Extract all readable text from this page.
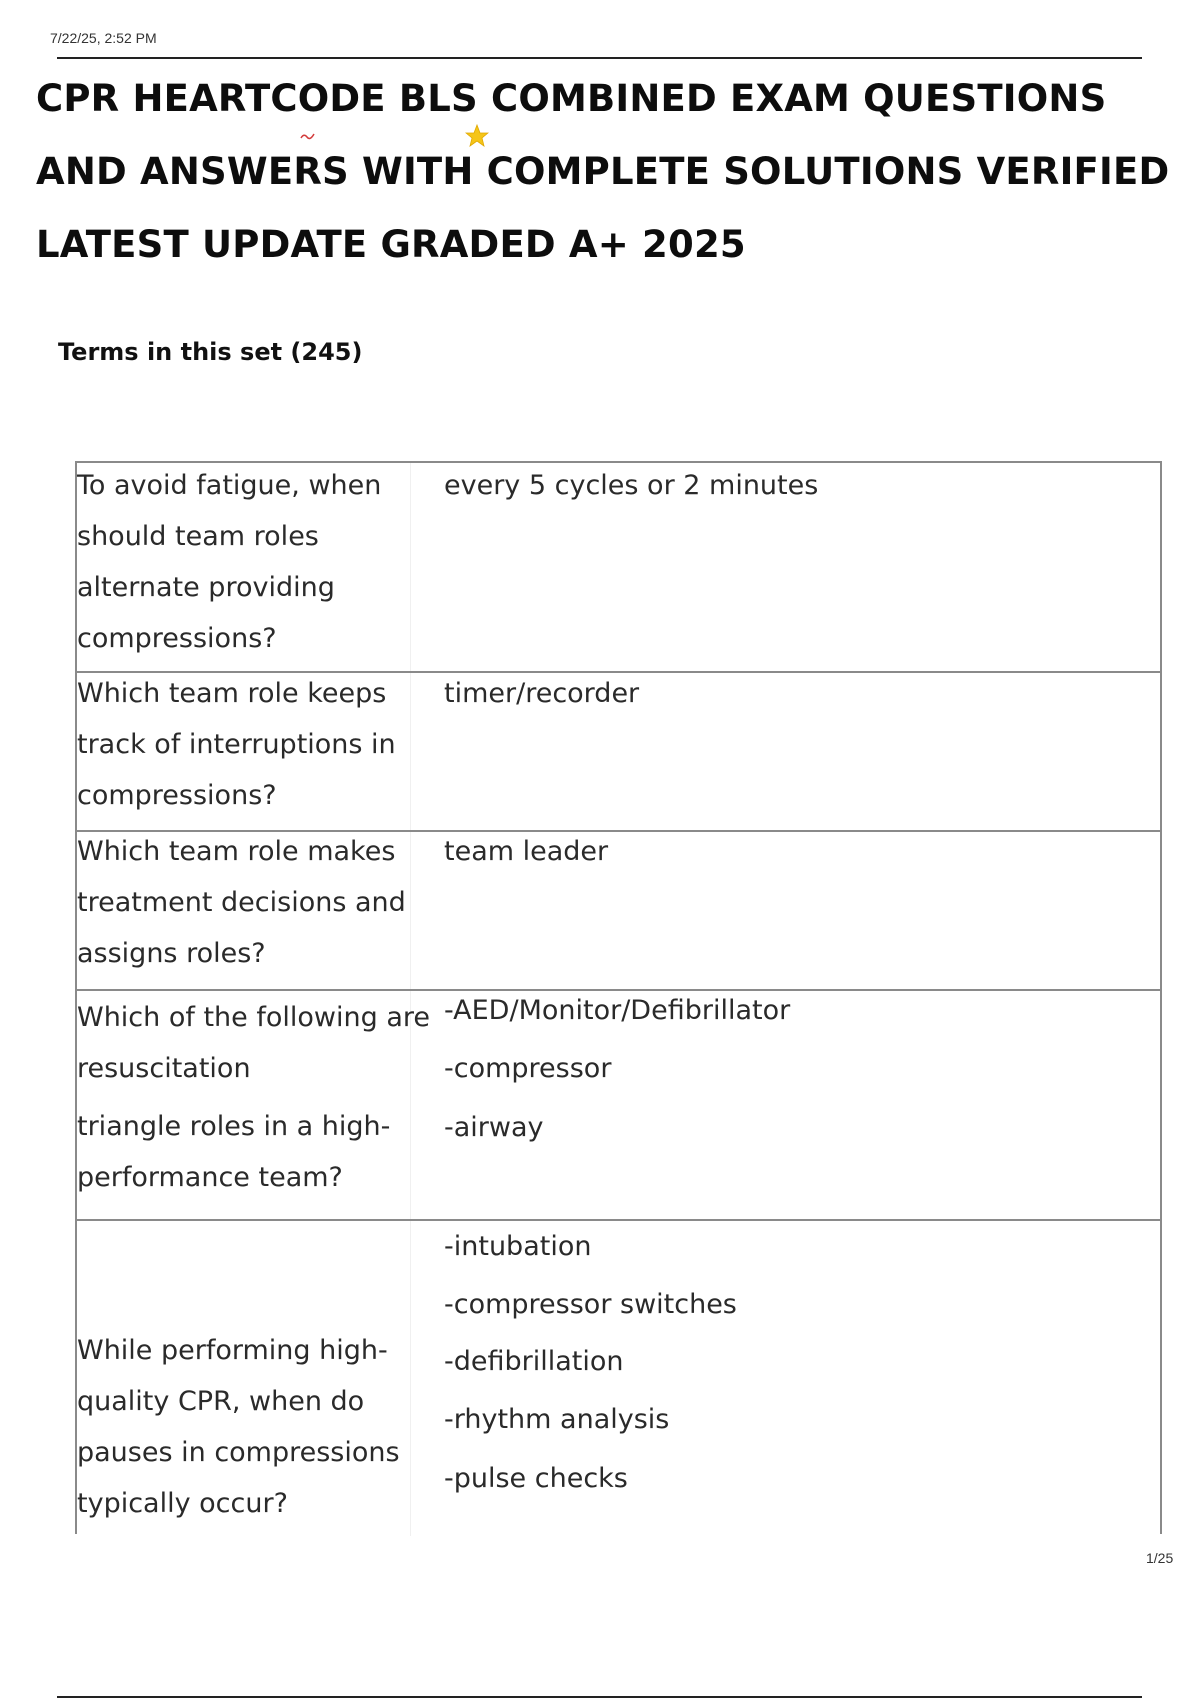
7/22/25, 2:52 PM
CPR HEARTCODE BLS COMBINED EXAM QUESTIONS AND ANSWERS WITH COMPLETE SOLUTIONS VERIFIED LATEST UPDATE GRADED A+ 2025
Terms in this set (245)
To avoid fatigue, when
should team roles
alternate providing
compressions?
every 5 cycles or 2 minutes
Which team role keeps
track of interruptions in
compressions?
timer/recorder
Which team role makes
treatment decisions and
assigns roles?
team leader
Which of the following are
resuscitation
triangle roles in a high-
performance team?
-AED/Monitor/Defibrillator
-compressor
-airway
While performing high-
quality CPR, when do
pauses in compressions
typically occur?
-intubation
-compressor switches
-defibrillation
-rhythm analysis
-pulse checks
1/25
